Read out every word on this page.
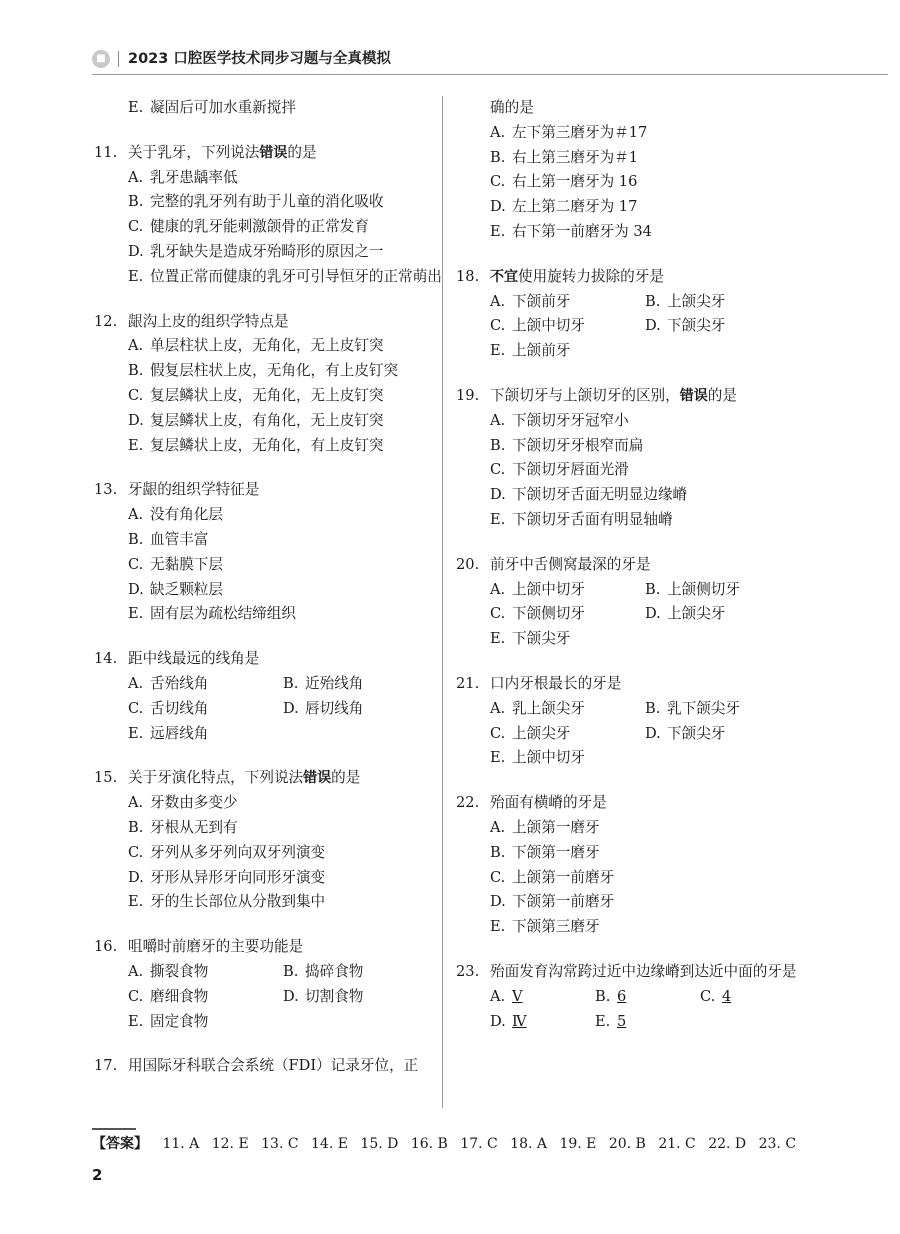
■ 2023 口腔医学技术同步习题与全真模拟
E. 凝固后可加水重新搅拌
11. 关于乳牙，下列说法错误的是
A. 乳牙患龋率低
B. 完整的乳牙列有助于儿童的消化吸收
C. 健康的乳牙能刺激颌骨的正常发育
D. 乳牙缺失是造成牙殆畸形的原因之一
E. 位置正常而健康的乳牙可引导恒牙的正常萌出
12. 龈沟上皮的组织学特点是
A. 单层柱状上皮，无角化，无上皮钉突
B. 假复层柱状上皮，无角化，有上皮钉突
C. 复层鳞状上皮，无角化，无上皮钉突
D. 复层鳞状上皮，有角化，无上皮钉突
E. 复层鳞状上皮，无角化，有上皮钉突
13. 牙龈的组织学特征是
A. 没有角化层
B. 血管丰富
C. 无黏膜下层
D. 缺乏颗粒层
E. 固有层为疏松结缔组织
14. 距中线最远的线角是
A. 舌殆线角	B. 近殆线角
C. 舌切线角	D. 唇切线角
E. 远唇线角
15. 关于牙演化特点，下列说法错误的是
A. 牙数由多变少
B. 牙根从无到有
C. 牙列从多牙列向双牙列演变
D. 牙形从异形牙向同形牙演变
E. 牙的生长部位从分散到集中
16. 咀嚼时前磨牙的主要功能是
A. 撕裂食物	B. 捣碎食物
C. 磨细食物	D. 切割食物
E. 固定食物
17. 用国际牙科联合会系统（FDI）记录牙位，正
确的是
A. 左下第三磨牙为＃17
B. 右上第三磨牙为＃1
C. 右上第一磨牙为 16
D. 左上第二磨牙为 17
E. 右下第一前磨牙为 34
18. 不宜使用旋转力拔除的牙是
A. 下颌前牙	B. 上颌尖牙
C. 上颌中切牙	D. 下颌尖牙
E. 上颌前牙
19. 下颌切牙与上颌切牙的区别，错误的是
A. 下颌切牙牙冠窄小
B. 下颌切牙牙根窄而扁
C. 下颌切牙唇面光滑
D. 下颌切牙舌面无明显边缘嵴
E. 下颌切牙舌面有明显轴嵴
20. 前牙中舌侧窝最深的牙是
A. 上颌中切牙	B. 上颌侧切牙
C. 下颌侧切牙	D. 上颌尖牙
E. 下颌尖牙
21. 口内牙根最长的牙是
A. 乳上颌尖牙	B. 乳下颌尖牙
C. 上颌尖牙	D. 下颌尖牙
E. 上颌中切牙
22. 殆面有横嵴的牙是
A. 上颌第一磨牙
B. 下颌第一磨牙
C. 上颌第一前磨牙
D. 下颌第一前磨牙
E. 下颌第三磨牙
23. 殆面发育沟常跨过近中边缘嵴到达近中面的牙是
A. Ⅴ	B. 6	C. 4
D. Ⅳ	E. 5
【答案】 11. A 12. E 13. C 14. E 15. D 16. B 17. C 18. A 19. E 20. B 21. C 22. D 23. C
2
